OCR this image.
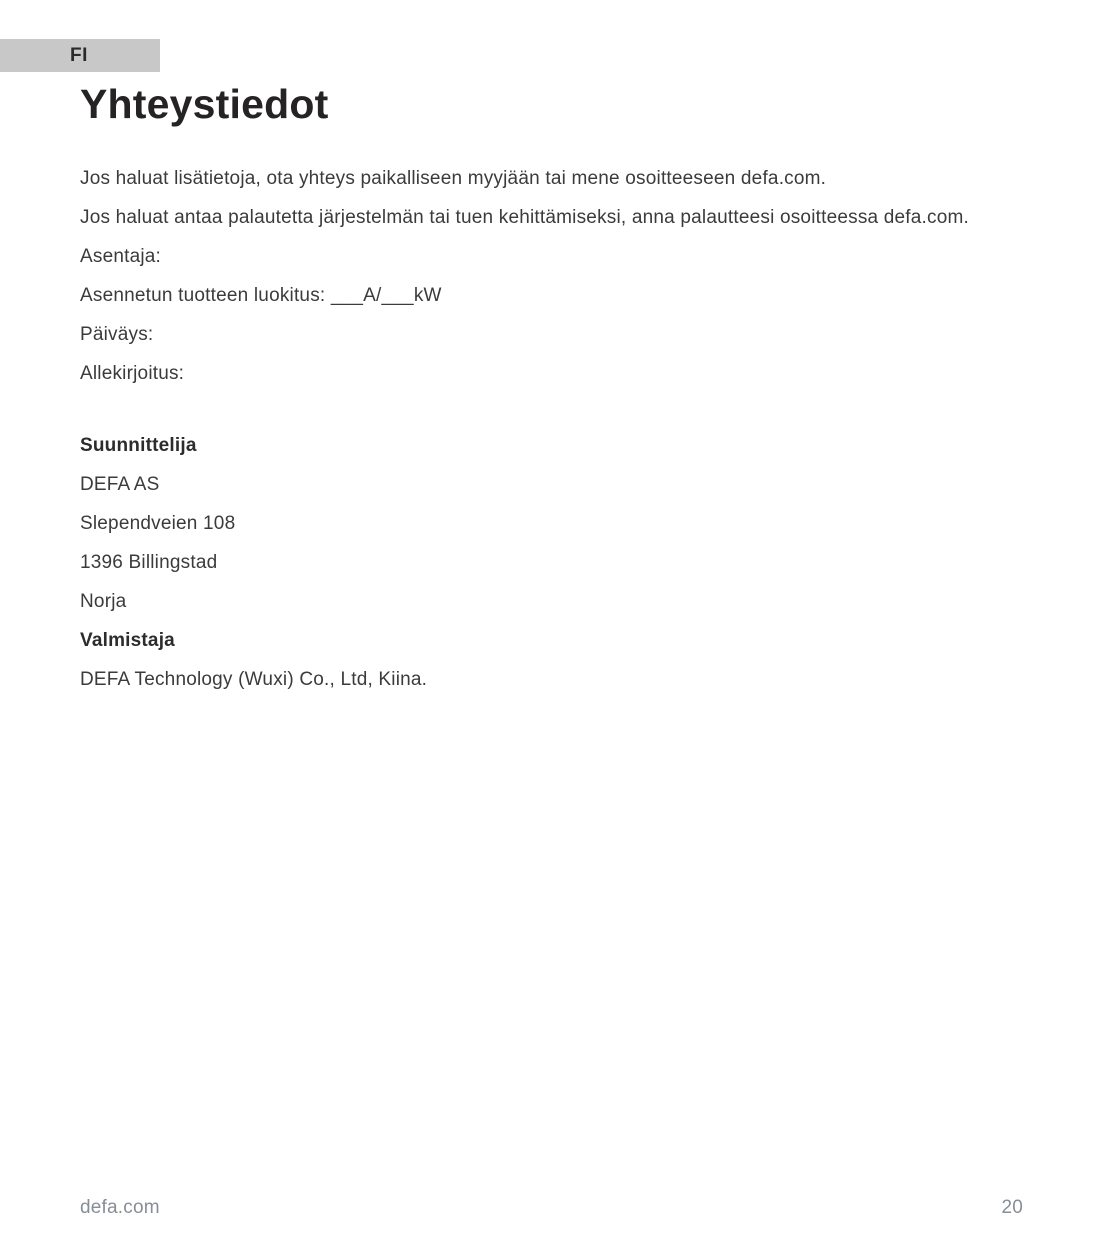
FI
Yhteystiedot

Jos haluat lisätietoja, ota yhteys paikalliseen myyjään tai mene osoitteeseen defa.com.

Jos haluat antaa palautetta järjestelmän tai tuen kehittämiseksi, anna palautteesi osoitteessa defa.com.

Asentaja:

Asennetun tuotteen luokitus: ___A/___kW

Päiväys:

Allekirjoitus:

Suunnittelija

DEFA AS

Slependveien 108

1396 Billingstad

Norja

Valmistaja

DEFA Technology (Wuxi) Co., Ltd, Kiina.

defa.com	20
